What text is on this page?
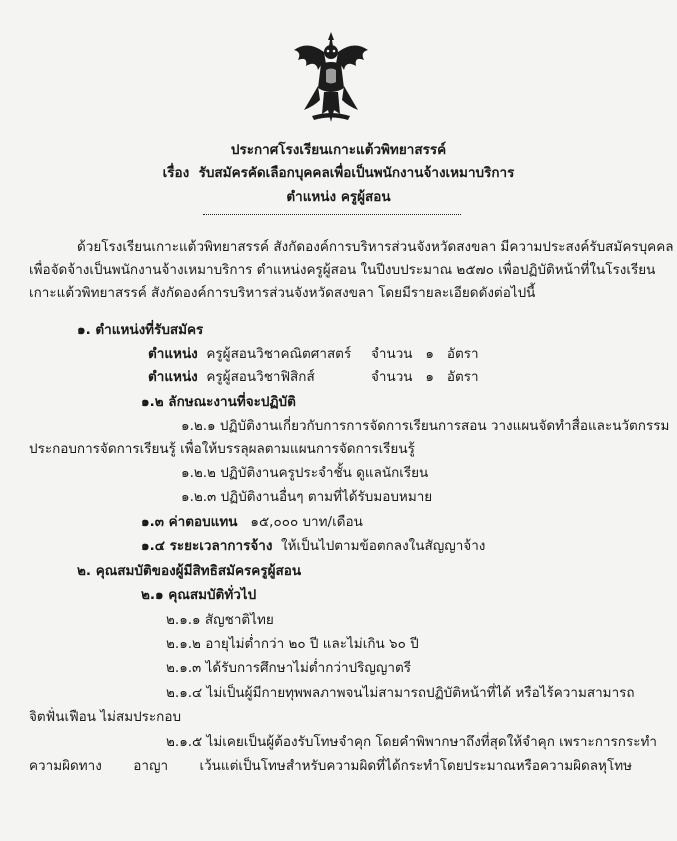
ประกาศโรงเรียนเกาะแต้วพิทยาสรรค์
เรื่อง รับสมัครคัดเลือกบุคคลเพื่อเป็นพนักงานจ้างเหมาบริการ
ตำแหน่ง ครูผู้สอน
ด้วยโรงเรียนเกาะแต้วพิทยาสรรค์ สังกัดองค์การบริหารส่วนจังหวัดสงขลา มีความประสงค์รับสมัครบุคคล
เพื่อจัดจ้างเป็นพนักงานจ้างเหมาบริการ ตำแหน่งครูผู้สอน ในปีงบประมาณ ๒๕๗๐ เพื่อปฏิบัติหน้าที่ในโรงเรียน
เกาะแต้วพิทยาสรรค์ สังกัดองค์การบริหารส่วนจังหวัดสงขลา โดยมีรายละเอียดดังต่อไปนี้
๑. ตำแหน่งที่รับสมัคร
ตำแหน่ง ครูผู้สอนวิชาคณิตศาสตร์ จำนวน ๑ อัตรา
ตำแหน่ง ครูผู้สอนวิชาฟิสิกส์	จำนวน ๑ อัตรา
๑.๒ ลักษณะงานที่จะปฏิบัติ
๑.๒.๑ ปฏิบัติงานเกี่ยวกับการการจัดการเรียนการสอน วางแผนจัดทำสื่อและนวัตกรรม
ประกอบการจัดการเรียนรู้ เพื่อให้บรรลุผลตามแผนการจัดการเรียนรู้
๑.๒.๒ ปฏิบัติงานครูประจำชั้น ดูแลนักเรียน
๑.๒.๓ ปฏิบัติงานอื่นๆ ตามที่ได้รับมอบหมาย
๑.๓ ค่าตอบแทน ๑๕,๐๐๐ บาท/เดือน
๑.๔ ระยะเวลาการจ้าง ให้เป็นไปตามข้อตกลงในสัญญาจ้าง
๒. คุณสมบัติของผู้มีสิทธิสมัครครูผู้สอน
๒.๑ คุณสมบัติทั่วไป
๒.๑.๑ สัญชาติไทย
๒.๑.๒ อายุไม่ต่ำกว่า ๒๐ ปี และไม่เกิน ๖๐ ปี
๒.๑.๓ ได้รับการศึกษาไม่ต่ำกว่าปริญญาตรี
๒.๑.๔ ไม่เป็นผู้มีกายทุพพลภาพจนไม่สามารถปฏิบัติหน้าที่ได้ หรือไร้ความสามารถ
จิตฟั่นเฟือน ไม่สมประกอบ
๒.๑.๕ ไม่เคยเป็นผู้ต้องรับโทษจำคุก โดยคำพิพากษาถึงที่สุดให้จำคุก เพราะการกระทำ
ความผิดทาง อาญา เว้นแต่เป็นโทษสำหรับความผิดที่ได้กระทำโดยประมาณหรือความผิดลหุโทษ
